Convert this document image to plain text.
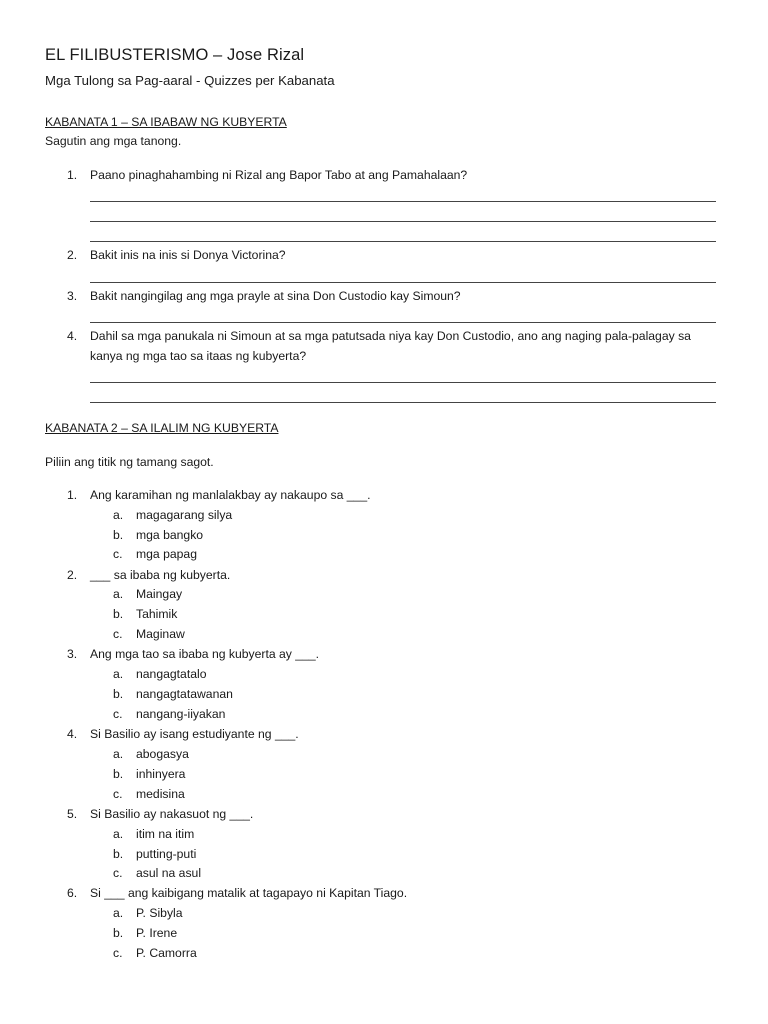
EL FILIBUSTERISMO – Jose Rizal
Mga Tulong sa Pag-aaral - Quizzes per Kabanata
KABANATA 1 – SA IBABAW NG KUBYERTA
Sagutin ang mga tanong.
1. Paano pinaghahambing ni Rizal ang Bapor Tabo at ang Pamahalaan?
2. Bakit inis na inis si Donya Victorina?
3. Bakit nangingilag ang mga prayle at sina Don Custodio kay Simoun?
4. Dahil sa mga panukala ni Simoun at sa mga patutsada niya kay Don Custodio, ano ang naging pala-palagay sa kanya ng mga tao sa itaas ng kubyerta?
KABANATA 2 – SA ILALIM NG KUBYERTA
Piliin ang titik ng tamang sagot.
1. Ang karamihan ng manlalakbay ay nakaupo sa ___.
a. magagarang silya
b. mga bangko
c. mga papag
2. ___ sa ibaba ng kubyerta.
a. Maingay
b. Tahimik
c. Maginaw
3. Ang mga tao sa ibaba ng kubyerta ay ___.
a. nangagtatalo
b. nangagtatawanan
c. nangang-iiyakan
4. Si Basilio ay isang estudiyante ng ___.
a. abogasya
b. inhinyera
c. medisina
5. Si Basilio ay nakasuot ng ___.
a. itim na itim
b. putting-puti
c. asul na asul
6. Si ___ ang kaibigang matalik at tagapayo ni Kapitan Tiago.
a. P. Sibyla
b. P. Irene
c. P. Camorra
